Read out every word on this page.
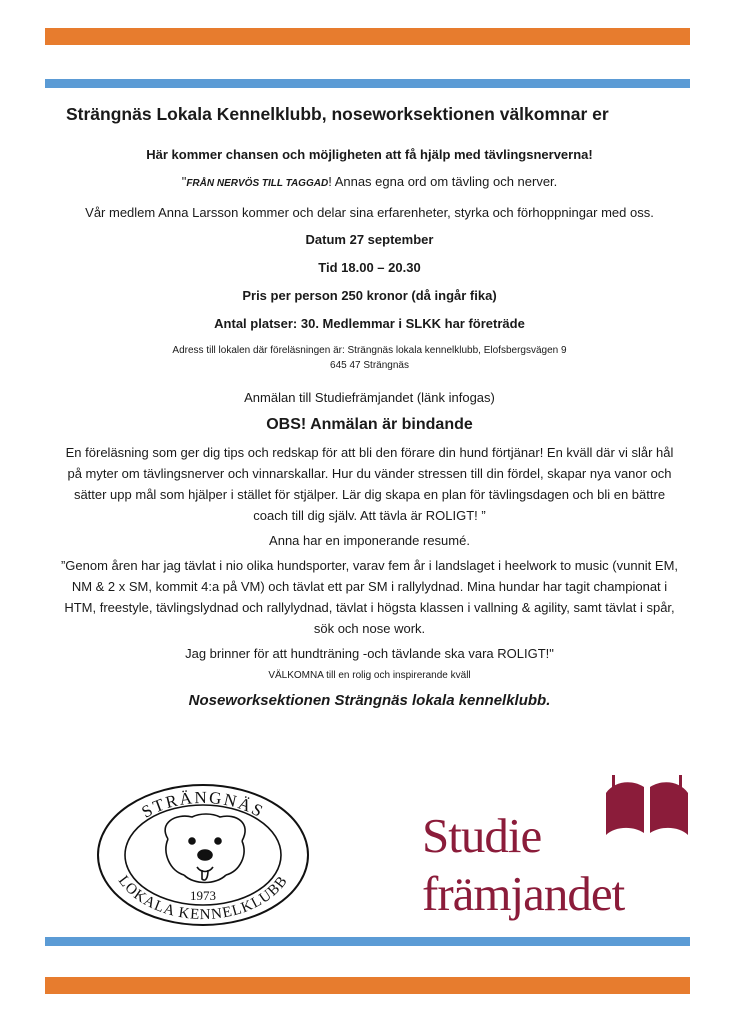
Strängnäs Lokala Kennelklubb, noseworksektionen välkomnar er

Här kommer chansen och möjligheten att få hjälp med tävlingsnerverna!

"FRÅN NERVÖS TILL TAGGAD! Annas egna ord om tävling och nerver.

Vår medlem Anna Larsson kommer och delar sina erfarenheter, styrka och förhoppningar med oss.

Datum 27 september

Tid 18.00 – 20.30

Pris per person 250 kronor (då ingår fika)

Antal platser: 30. Medlemmar i SLKK har företräde

Adress till lokalen där föreläsningen är: Strängnäs lokala kennelklubb, Elofsbergsvägen 9

645 47 Strängnäs

Anmälan till Studiefrämjandet (länk infogas)

OBS! Anmälan är bindande

En föreläsning som ger dig tips och redskap för att bli den förare din hund förtjänar! En kväll där vi slår hål på myter om tävlingsnerver och vinnarskallar. Hur du vänder stressen till din fördel, skapar nya vanor och sätter upp mål som hjälper i stället för stjälper. Lär dig skapa en plan för tävlingsdagen och bli en bättre coach till dig själv. Att tävla är ROLIGT! ”

Anna har en imponerande resumé.

”Genom åren har jag tävlat i nio olika hundsporter, varav fem år i landslaget i heelwork to music (vunnit EM, NM & 2 x SM, kommit 4:a på VM) och tävlat ett par SM i rallylydnad. Mina hundar har tagit championat i HTM, freestyle, tävlingslydnad och rallylydnad, tävlat i högsta klassen i vallning & agility, samt tävlat i spår, sök och nose work.

Jag brinner för att hundträning -och tävlande ska vara ROLIGT!"

VÄLKOMNA till en rolig och inspirerande kväll

Noseworksektionen Strängnäs lokala kennelklubb.

STRÄNGNÄS
LOKALA KENNELKLUBB
1973
Studie
främjandet
